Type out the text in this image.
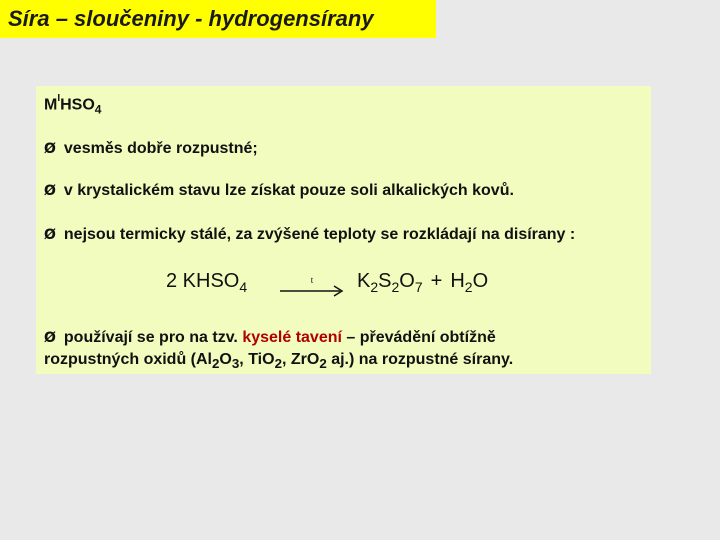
Síra – sloučeniny - hydrogensírany
$M^IHSO_4$
Ø vesměs dobře rozpustné;
Ø v krystalickém stavu lze získat pouze soli alkalických kovů.
Ø nejsou termicky stálé, za zvýšené teploty se rozkládají na disírany :
2 $KHSO_4$	t $K_2S_2O_7 + H_2O$
Ø používají se pro na tzv. kyselé tavení – převádění obtížně
rozpustných oxidů ($Al_2O_3$, TiO$_2$, ZrO$_2$ aj.) na rozpustné sírany.
